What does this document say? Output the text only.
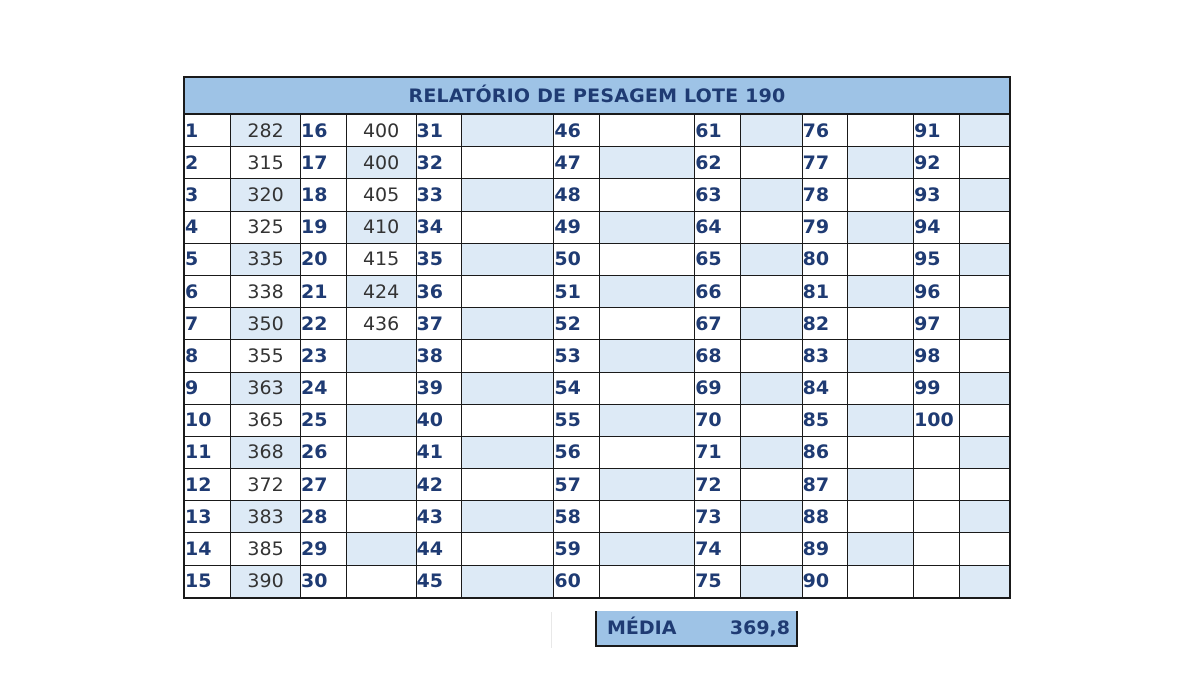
RELATÓRIO DE PESAGEM LOTE 190
1	282	16	400	31		46		61		76		91	
2	315	17	400	32		47		62		77		92	
3	320	18	405	33		48		63		78		93	
4	325	19	410	34		49		64		79		94	
5	335	20	415	35		50		65		80		95	
6	338	21	424	36		51		66		81		96	
7	350	22	436	37		52		67		82		97	
8	355	23		38		53		68		83		98	
9	363	24		39		54		69		84		99	
10	365	25		40		55		70		85		100	
11	368	26		41		56		71		86			
12	372	27		42		57		72		87			
13	383	28		43		58		73		88			
14	385	29		44		59		74		89			
15	390	30		45		60		75		90			
MÉDIA	369,8
